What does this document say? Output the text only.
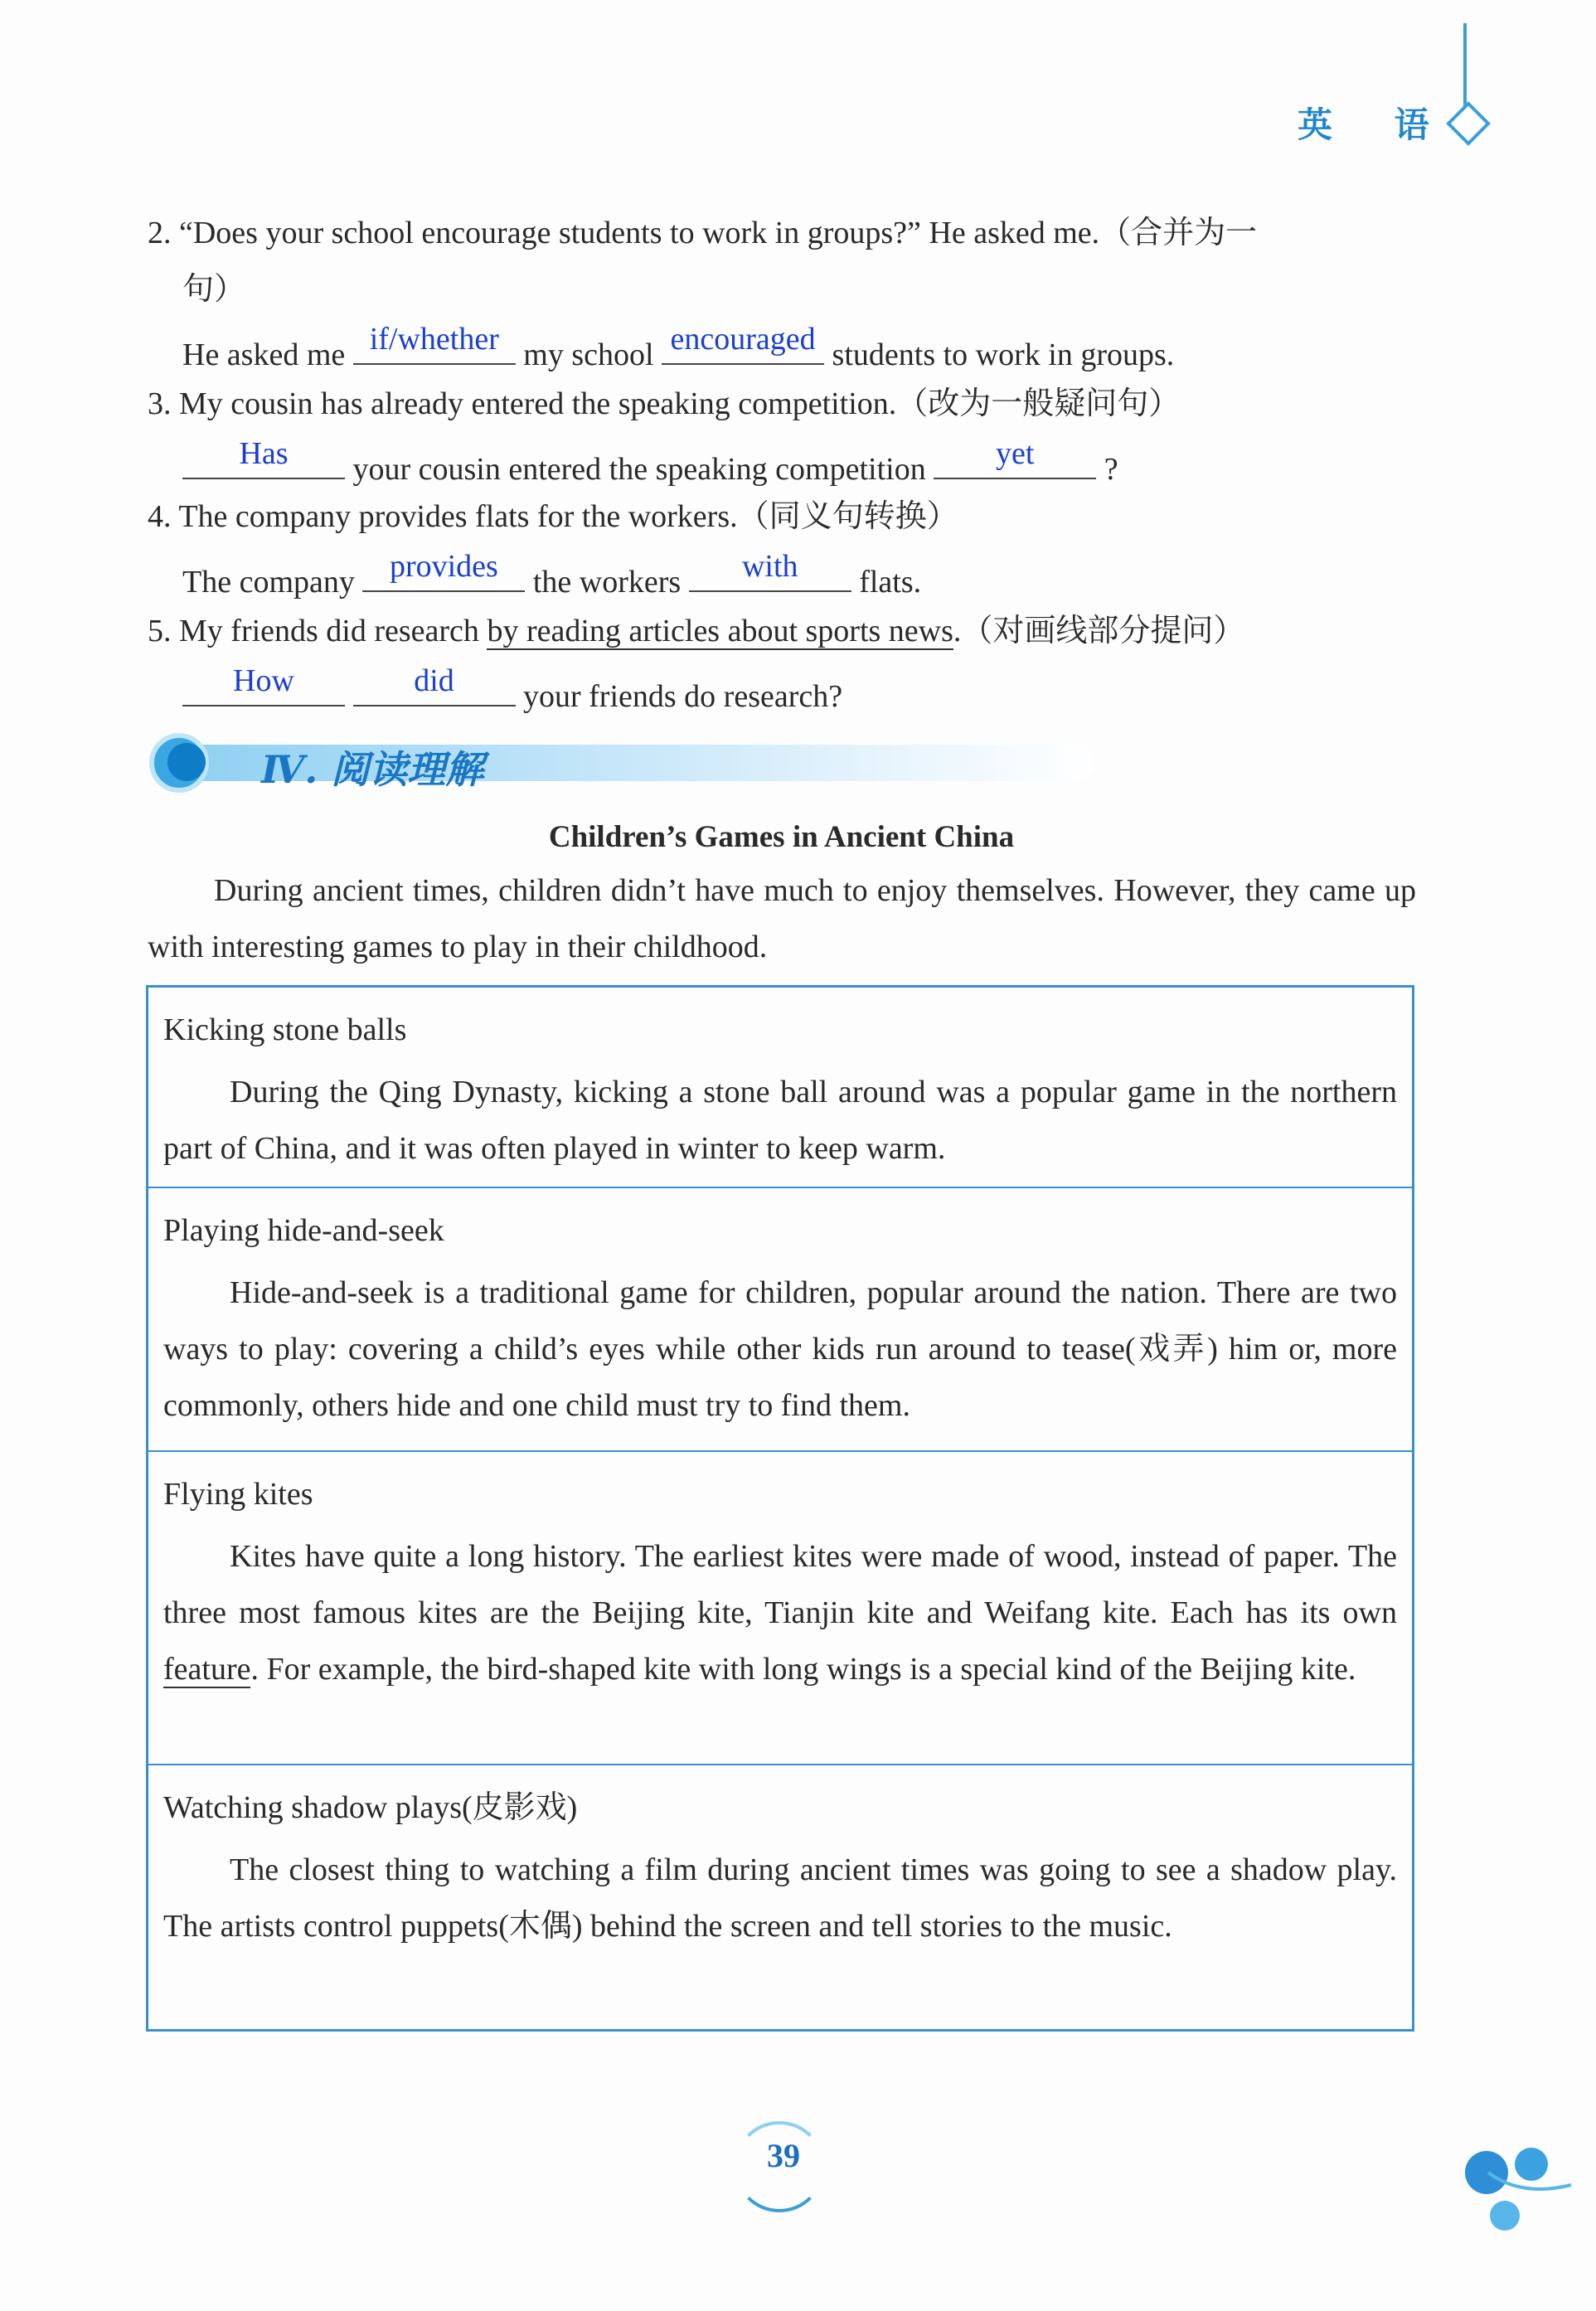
英 语
2. “Does your school encourage students to work in groups?” He asked me.（合并为一
句）
He asked me if/whether my school encouraged students to work in groups.
3. My cousin has already entered the speaking competition.（改为一般疑问句）
Has	your cousin entered the speaking competition	yet	?
4. The company provides flats for the workers.（同义句转换）
The company	provides	the workers	with	flats.
5. My friends did research by reading articles about sports news.（对画线部分提问）
How
	did	your friends do research?
Ⅳ. 阅读理解
Children’s Games in Ancient China
During ancient times, children didn’t have much to enjoy themselves. However, they came up with interesting games to play in their childhood.
Kicking stone balls
During the Qing Dynasty, kicking a stone ball around was a popular game in the northern part of China, and it was often played in winter to keep warm.
Playing hide-and-seek
Hide-and-seek is a traditional game for children, popular around the nation. There are two ways to play: covering a child’s eyes while other kids run around to tease(戏弄) him or, more commonly, others hide and one child must try to find them.
Flying kites
Kites have quite a long history. The earliest kites were made of wood, instead of paper. The three most famous kites are the Beijing kite, Tianjin kite and Weifang kite. Each has its own feature. For example, the bird-shaped kite with long wings is a special kind of the Beijing kite.
Watching shadow plays(皮影戏)
The closest thing to watching a film during ancient times was going to see a shadow play. The artists control puppets(木偶) behind the screen and tell stories to the music.
39
